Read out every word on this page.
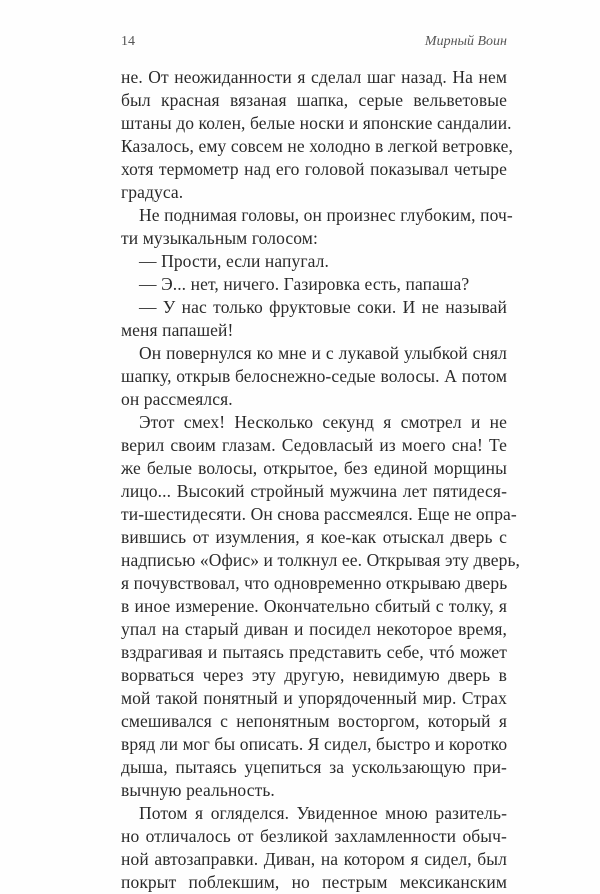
14	Мирный Воин
не. От неожиданности я сделал шаг назад. На нем
был красная вязаная шапка, серые вельветовые
штаны до колен, белые носки и японские сандалии.
Казалось, ему совсем не холодно в легкой ветровке,
хотя термометр над его головой показывал четыре
градуса.
Не поднимая головы, он произнес глубоким, поч-
ти музыкальным голосом:
— Прости, если напугал.
— Э... нет, ничего. Газировка есть, папаша?
— У нас только фруктовые соки. И не называй
меня папашей!
Он повернулся ко мне и с лукавой улыбкой снял
шапку, открыв белоснежно-седые волосы. А потом
он рассмеялся.
Этот смех! Несколько секунд я смотрел и не
верил своим глазам. Седовласый из моего сна! Те
же белые волосы, открытое, без единой морщины
лицо... Высокий стройный мужчина лет пятидеся-
ти-шестидесяти. Он снова рассмеялся. Еще не опра-
вившись от изумления, я кое-как отыскал дверь с
надписью «Офис» и толкнул ее. Открывая эту дверь,
я почувствовал, что одновременно открываю дверь
в иное измерение. Окончательно сбитый с толку, я
упал на старый диван и посидел некоторое время,
вздрагивая и пытаясь представить себе, чтó может
ворваться через эту другую, невидимую дверь в
мой такой понятный и упорядоченный мир. Страх
смешивался с непонятным восторгом, который я
вряд ли мог бы описать. Я сидел, быстро и коротко
дыша, пытаясь уцепиться за ускользающую при-
вычную реальность.
Потом я огляделся. Увиденное мною разитель-
но отличалось от безликой захламленности обыч-
ной автозаправки. Диван, на котором я сидел, был
покрыт поблекшим, но пестрым мексиканским
